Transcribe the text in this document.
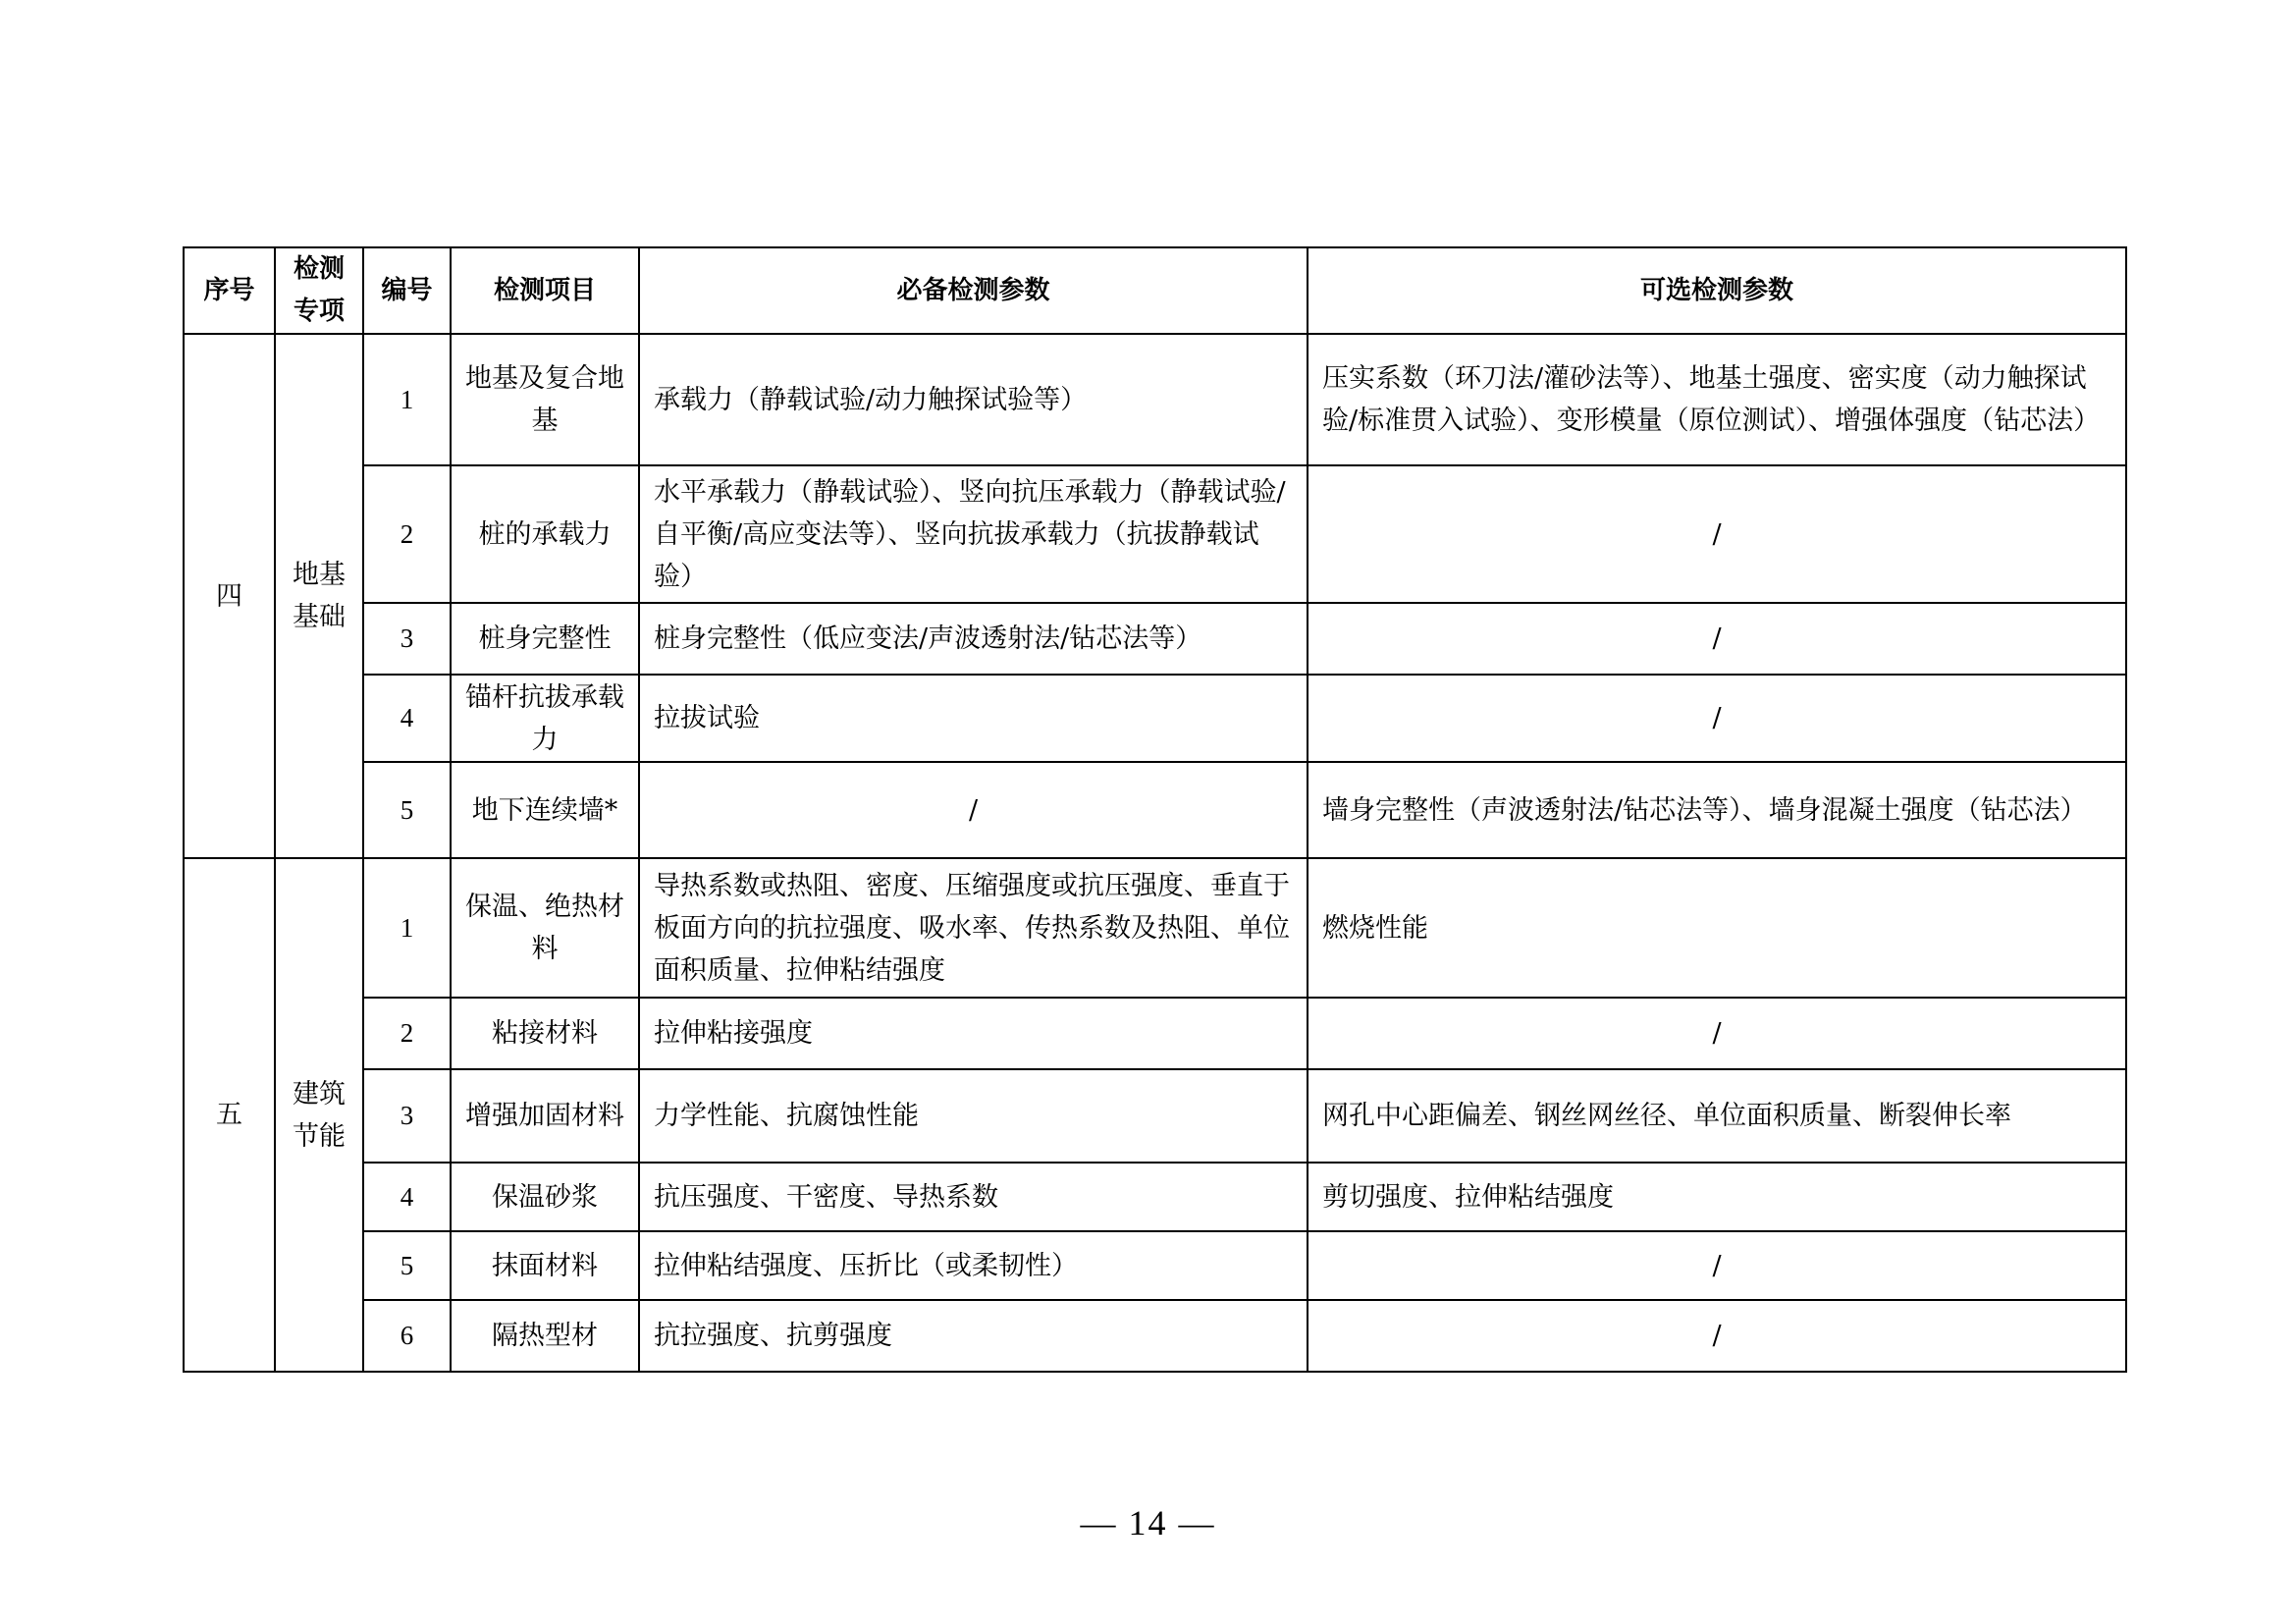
序号	检测专项	编号	检测项目	必备检测参数	可选检测参数
四	地基基础	1	地基及复合地基	承载力（静载试验/动力触探试验等）	压实系数（环刀法/灌砂法等）、地基土强度、密实度（动力触探试验/标准贯入试验）、变形模量（原位测试）、增强体强度（钻芯法）
		2	桩的承载力	水平承载力（静载试验）、竖向抗压承载力（静载试验/自平衡/高应变法等）、竖向抗拔承载力（抗拔静载试验）	/
		3	桩身完整性	桩身完整性（低应变法/声波透射法/钻芯法等）	/
		4	锚杆抗拔承载力	拉拔试验	/
		5	地下连续墙*	/	墙身完整性（声波透射法/钻芯法等）、墙身混凝土强度（钻芯法）
五	建筑节能	1	保温、绝热材料	导热系数或热阻、密度、压缩强度或抗压强度、垂直于板面方向的抗拉强度、吸水率、传热系数及热阻、单位面积质量、拉伸粘结强度	燃烧性能
		2	粘接材料	拉伸粘接强度	/
		3	增强加固材料	力学性能、抗腐蚀性能	网孔中心距偏差、钢丝网丝径、单位面积质量、断裂伸长率
		4	保温砂浆	抗压强度、干密度、导热系数	剪切强度、拉伸粘结强度
		5	抹面材料	拉伸粘结强度、压折比（或柔韧性）	/
		6	隔热型材	抗拉强度、抗剪强度	/
— 14 —
